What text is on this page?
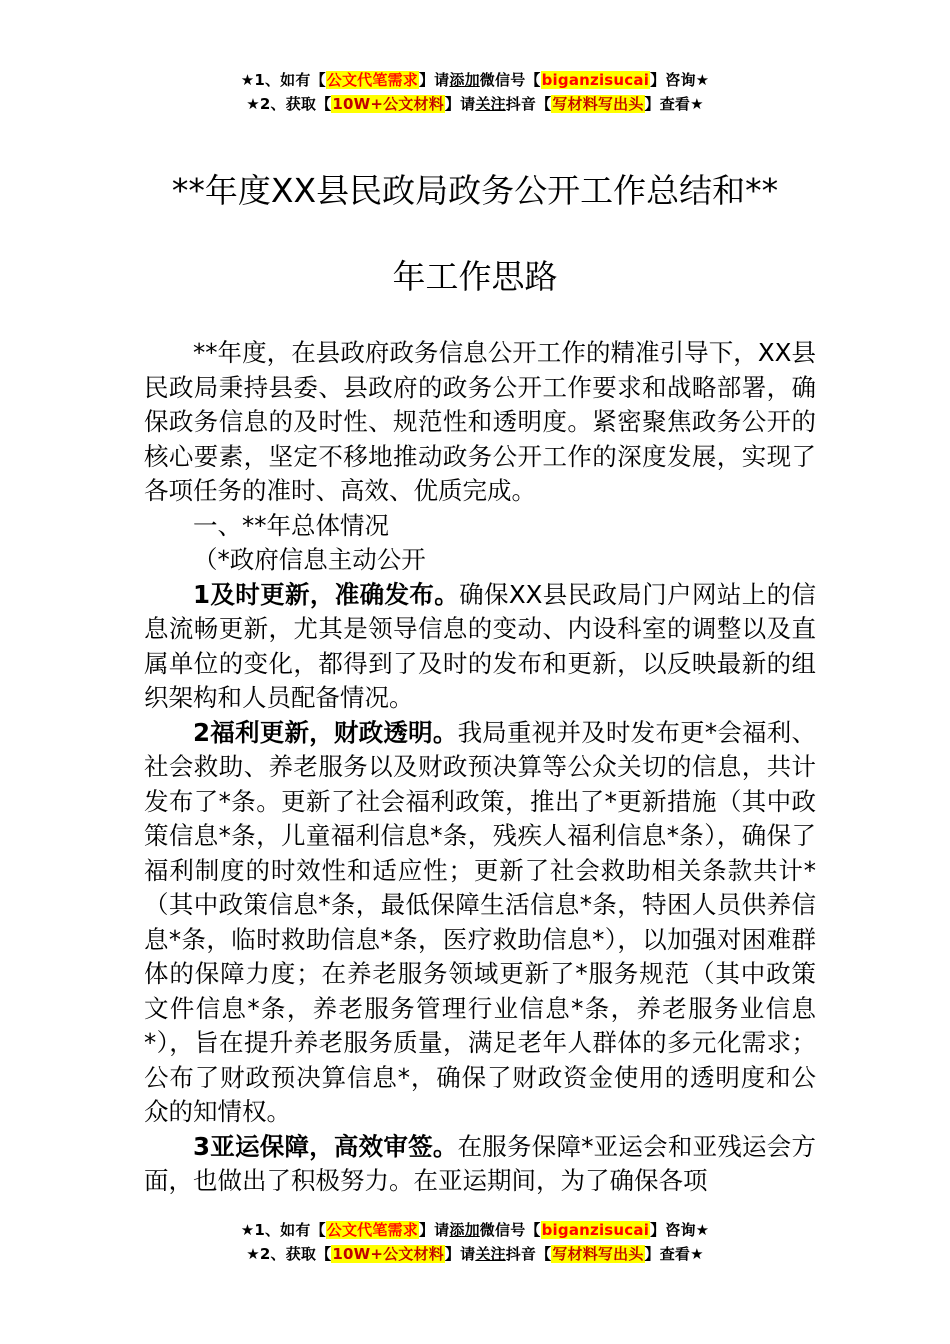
★1、如有【公文代笔需求】请添加微信号【biganzisucai】咨询★
★2、获取【10W+公文材料】请关注抖音【写材料写出头】查看★
**年度XX县民政局政务公开工作总结和**
年工作思路

**年度，在县政府政务信息公开工作的精准引导下，XX县民政局秉持县委、县政府的政务公开工作要求和战略部署，确保政务信息的及时性、规范性和透明度。紧密聚焦政务公开的核心要素，坚定不移地推动政务公开工作的深度发展，实现了各项任务的准时、高效、优质完成。

一、**年总体情况

（*政府信息主动公开

1及时更新，准确发布。确保XX县民政局门户网站上的信息流畅更新，尤其是领导信息的变动、内设科室的调整以及直属单位的变化，都得到了及时的发布和更新，以反映最新的组织架构和人员配备情况。

2福利更新，财政透明。我局重视并及时发布更*会福利、社会救助、养老服务以及财政预决算等公众关切的信息，共计发布了*条。更新了社会福利政策，推出了*更新措施（其中政策信息*条，儿童福利信息*条，残疾人福利信息*条），确保了福利制度的时效性和适应性；更新了社会救助相关条款共计*（其中政策信息*条，最低保障生活信息*条，特困人员供养信息*条，临时救助信息*条，医疗救助信息*），以加强对困难群体的保障力度；在养老服务领域更新了*服务规范（其中政策文件信息*条，养老服务管理行业信息*条，养老服务业信息*），旨在提升养老服务质量，满足老年人群体的多元化需求；公布了财政预决算信息*，确保了财政资金使用的透明度和公众的知情权。

3亚运保障，高效审签。在服务保障*亚运会和亚残运会方面，也做出了积极努力。在亚运期间，为了确保各项

★1、如有【公文代笔需求】请添加微信号【biganzisucai】咨询★
★2、获取【10W+公文材料】请关注抖音【写材料写出头】查看★
